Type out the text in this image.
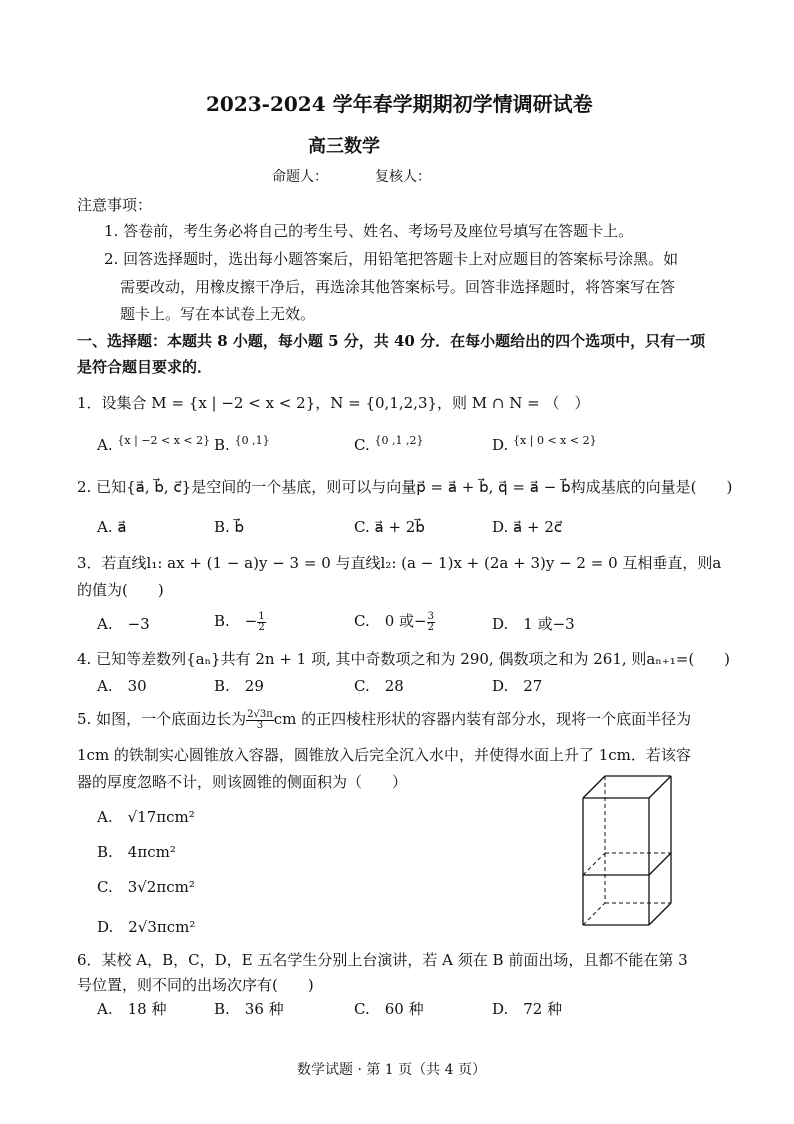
2023-2024 学年春学期期初学情调研试卷
高三数学
命题人：	复核人：
注意事项：
1. 答卷前，考生务必将自己的考生号、姓名、考场号及座位号填写在答题卡上。
2. 回答选择题时，选出每小题答案后，用铅笔把答题卡上对应题目的答案标号涂黑。如
需要改动，用橡皮擦干净后，再选涂其他答案标号。回答非选择题时，将答案写在答
题卡上。写在本试卷上无效。
一、选择题：本题共 8 小题，每小题 5 分，共 40 分．在每小题给出的四个选项中，只有一项
是符合题目要求的．
1．设集合 M = {x | −2 < x < 2}，N = {0,1,2,3}，则 M ∩ N = （　）
A. $^{\{x | -2 < x < 2\}}$ B. $^{\{0 ,1\}}$	C. $^{\{0 ,1 ,2\}}$	D. $^{\{x | 0 < x < 2\}}$
2. 已知{a⃗, b⃗, c⃗}是空间的一个基底，则可以与向量p⃗ = a⃗ + b⃗, q⃗ = a⃗ − b⃗构成基底的向量是(　　)
A. a⃗	B. b⃗	C. a⃗ + 2b⃗	D. a⃗ + 2c⃗
3．若直线l₁: ax + (1 − a)y − 3 = 0 与直线l₂: (a − 1)x + (2a + 3)y − 2 = 0 互相垂直，则a
的值为(　　)
A.　−3	B.　− $\frac{1}{2}$	C.　0 或− $\frac{3}{2}$	D.　1 或−3
4. 已知等差数列{aₙ}共有 2n + 1 项, 其中奇数项之和为 290, 偶数项之和为 261, 则aₙ₊₁=(　　)
A.　30	B.　29	C.　28	D.　27
5. 如图，一个底面边长为 $\frac{2√3\pi}{3}$ cm 的正四棱柱形状的容器内装有部分水，现将一个底面半径为
1cm 的铁制实心圆锥放入容器，圆锥放入后完全沉入水中，并使得水面上升了 1cm．若该容
器的厚度忽略不计，则该圆锥的侧面积为（　　）
A.　√17πcm²
B.　4πcm²
C.　3√2πcm²
D.　2√3πcm²
6．某校 A，B，C，D，E 五名学生分别上台演讲，若 A 须在 B 前面出场，且都不能在第 3
号位置，则不同的出场次序有(　　)
A.　18 种	B.　36 种	C.　60 种	D.　72 种
数学试题 · 第 1 页（共 4 页）
